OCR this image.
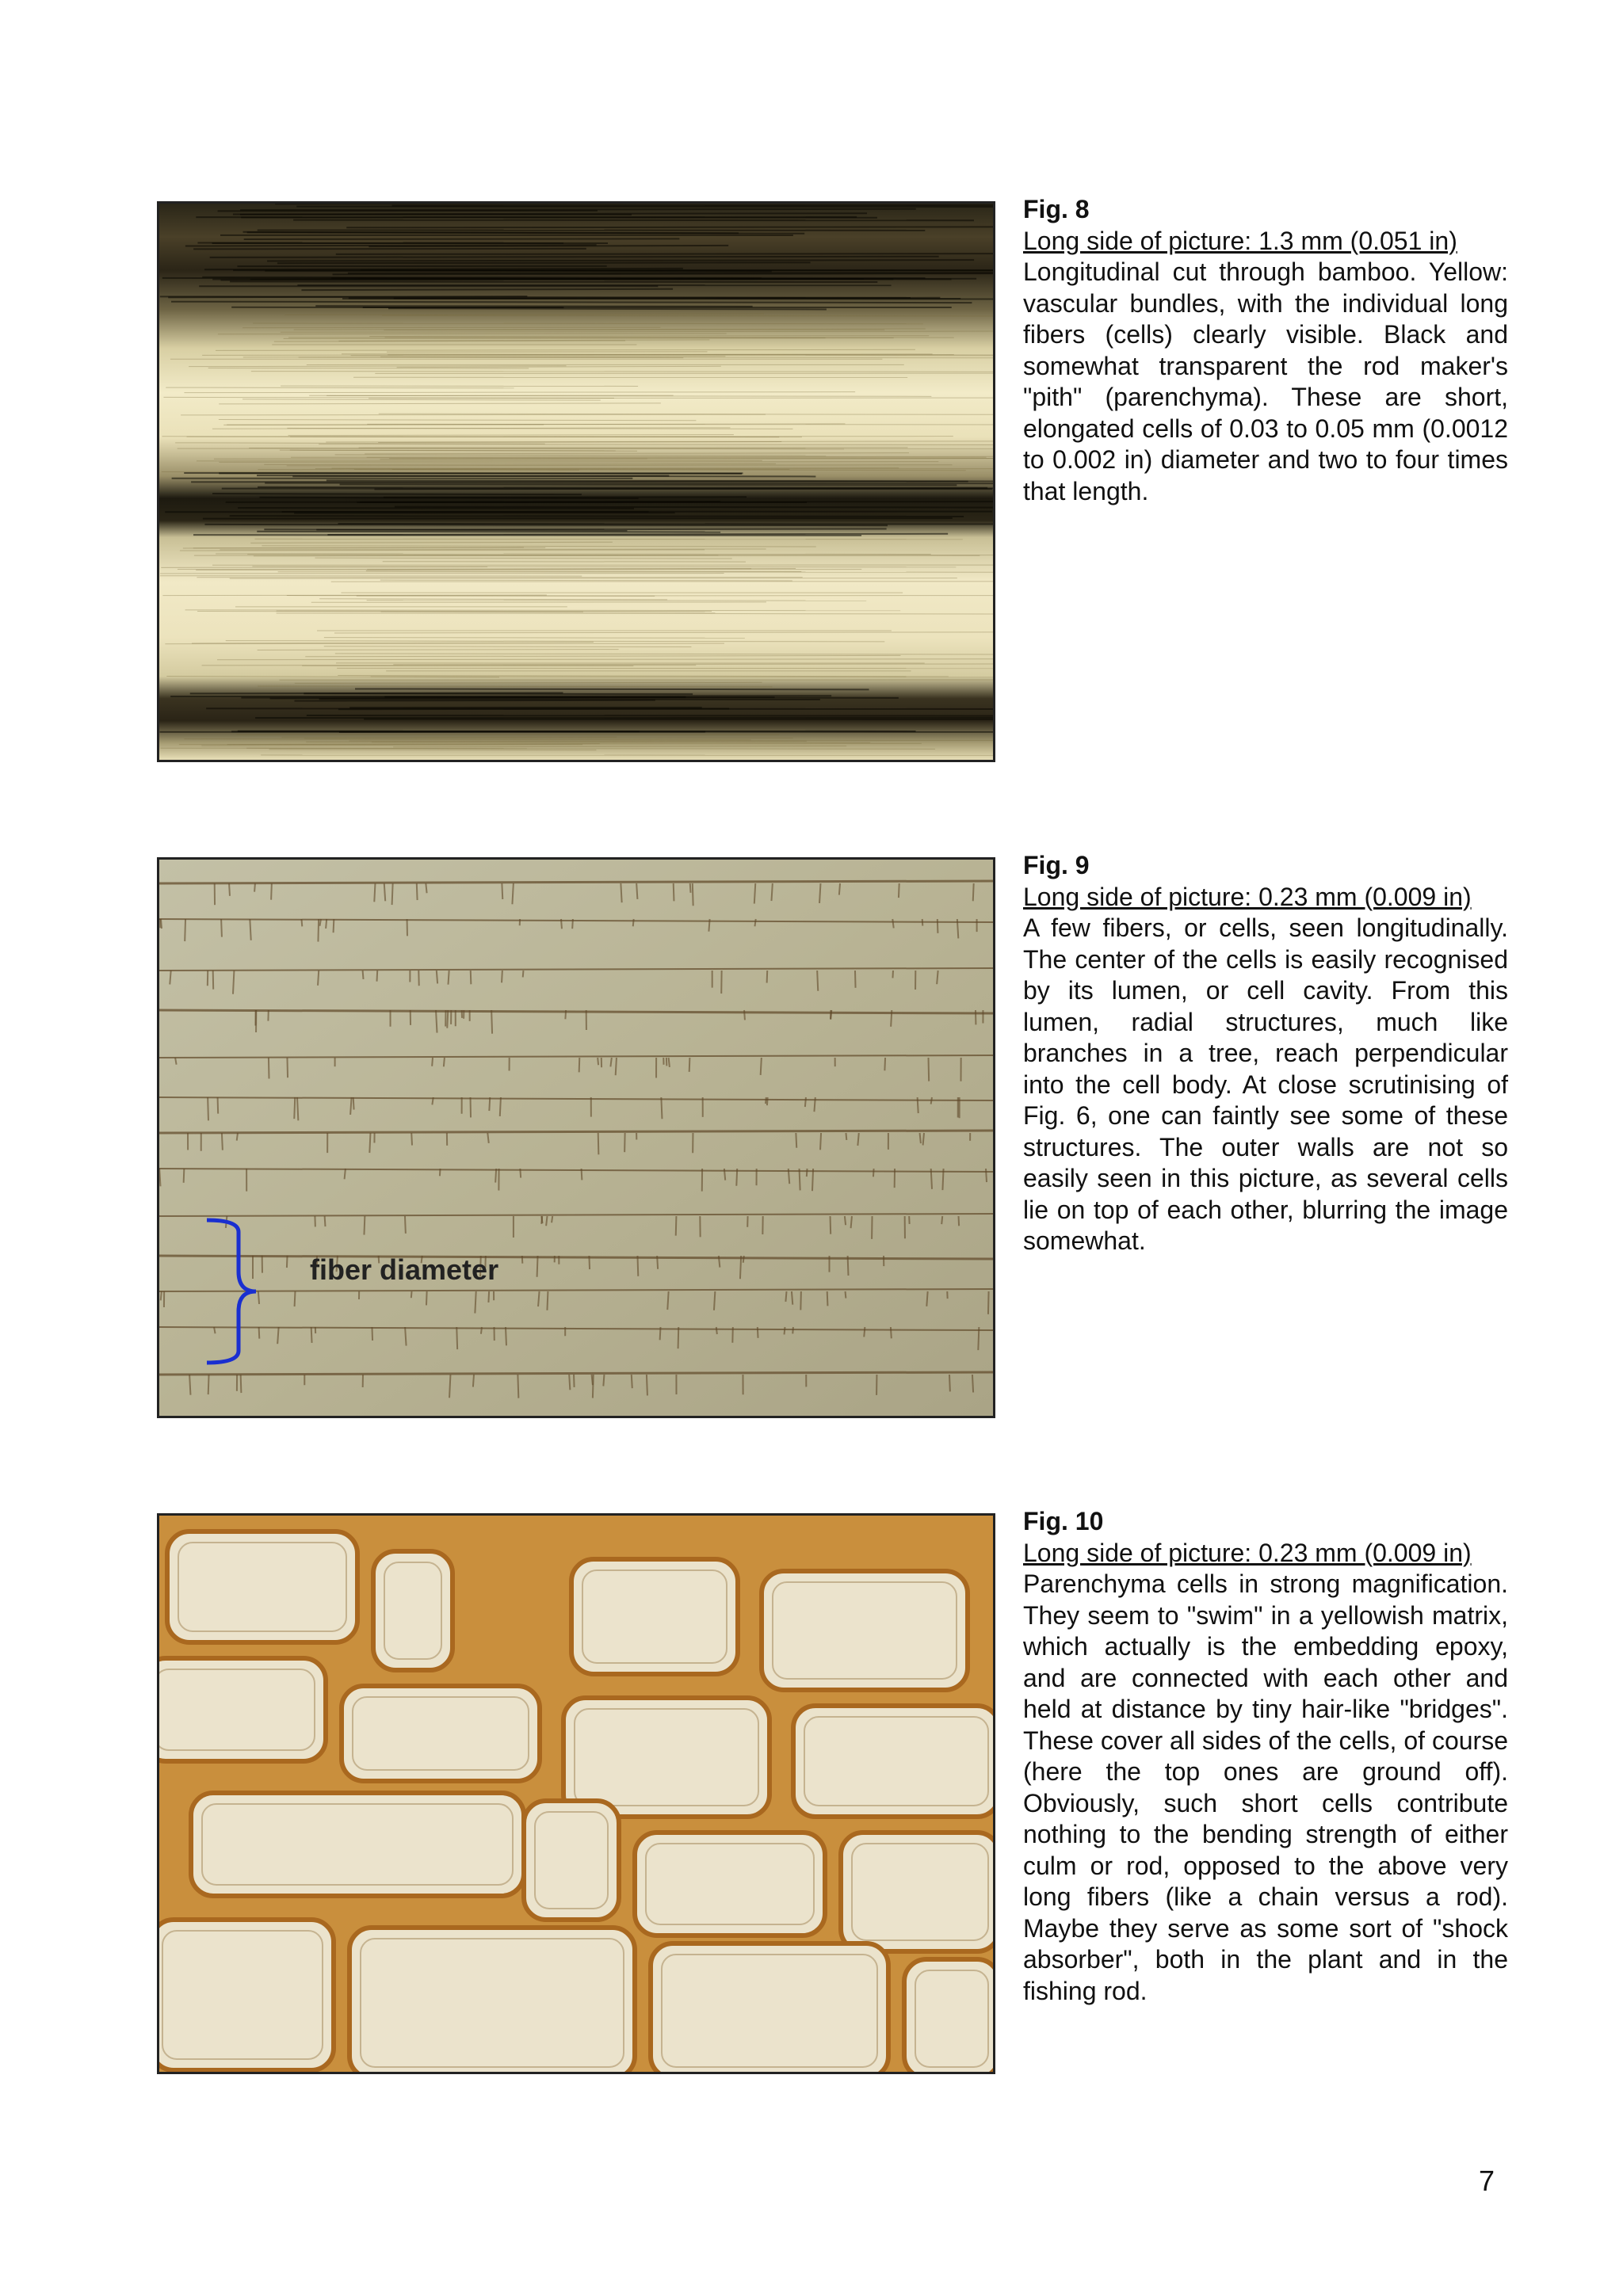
Fig. 8
Long side of picture: 1.3 mm (0.051 in)
Longitudinal cut through bamboo. Yellow: vascular bundles, with the individual long fibers (cells) clearly visible. Black and somewhat transparent the rod maker's "pith" (parenchyma). These are short, elongated cells of 0.03 to 0.05 mm (0.0012 to 0.002 in) diameter and two to four times that length.
fiber diameter
Fig. 9
Long side of picture: 0.23 mm (0.009 in)
A few fibers, or cells, seen longitudinally. The center of the cells is easily recognised by its lumen, or cell cavity. From this lumen, radial structures, much like branches in a tree, reach perpendicular into the cell body. At close scrutinising of Fig. 6, one can faintly see some of these structures. The outer walls are not so easily seen in this picture, as several cells lie on top of each other, blurring the image somewhat.
Fig. 10
Long side of picture: 0.23 mm (0.009 in)
Parenchyma cells in strong magnification. They seem to "swim" in a yellowish matrix, which actually is the embedding epoxy, and are connected with each other and held at distance by tiny hair-like "bridges". These cover all sides of the cells, of course (here the top ones are ground off). Obviously, such short cells contribute nothing to the bending strength of either culm or rod, opposed to the above very long fibers (like a chain versus a rod). Maybe they serve as some sort of "shock absorber", both in the plant and in the fishing rod.
7
